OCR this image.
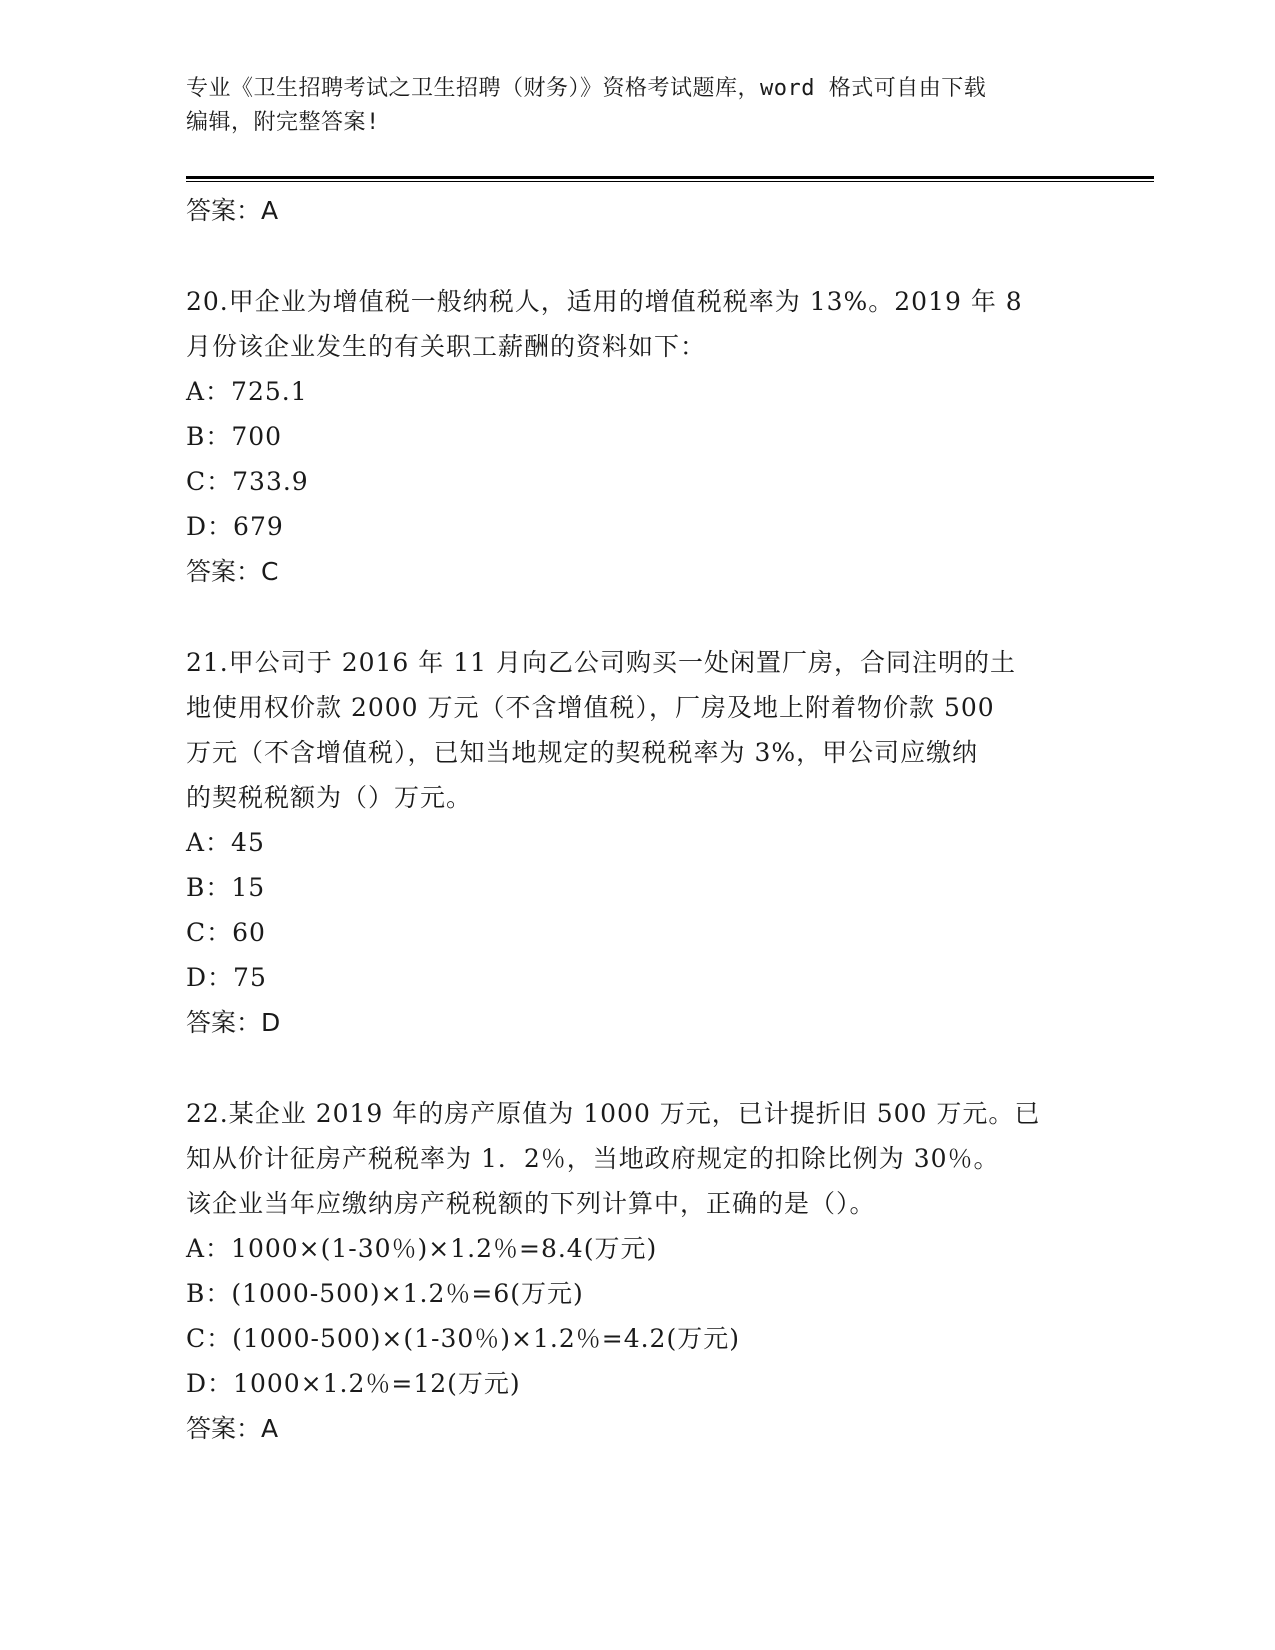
专业《卫生招聘考试之卫生招聘（财务）》资格考试题库，word 格式可自由下载
编辑，附完整答案!
答案：A
20.甲企业为增值税一般纳税人，适用的增值税税率为 13%。2019 年 8
月份该企业发生的有关职工薪酬的资料如下：
A：725.1
B：700
C：733.9
D：679
答案：C
21.甲公司于 2016 年 11 月向乙公司购买一处闲置厂房，合同注明的土
地使用权价款 2000 万元（不含增值税），厂房及地上附着物价款 500
万元（不含增值税），已知当地规定的契税税率为 3%，甲公司应缴纳
的契税税额为（）万元。
A：45
B：15
C：60
D：75
答案：D
22.某企业 2019 年的房产原值为 1000 万元，已计提折旧 500 万元。已
知从价计征房产税税率为 1．2％，当地政府规定的扣除比例为 30％。
该企业当年应缴纳房产税税额的下列计算中，正确的是（）。
A：1000×(1-30％)×1.2％=8.4(万元)
B：(1000-500)×1.2％=6(万元)
C：(1000-500)×(1-30％)×1.2％=4.2(万元)
D：1000×1.2％=12(万元)
答案：A
